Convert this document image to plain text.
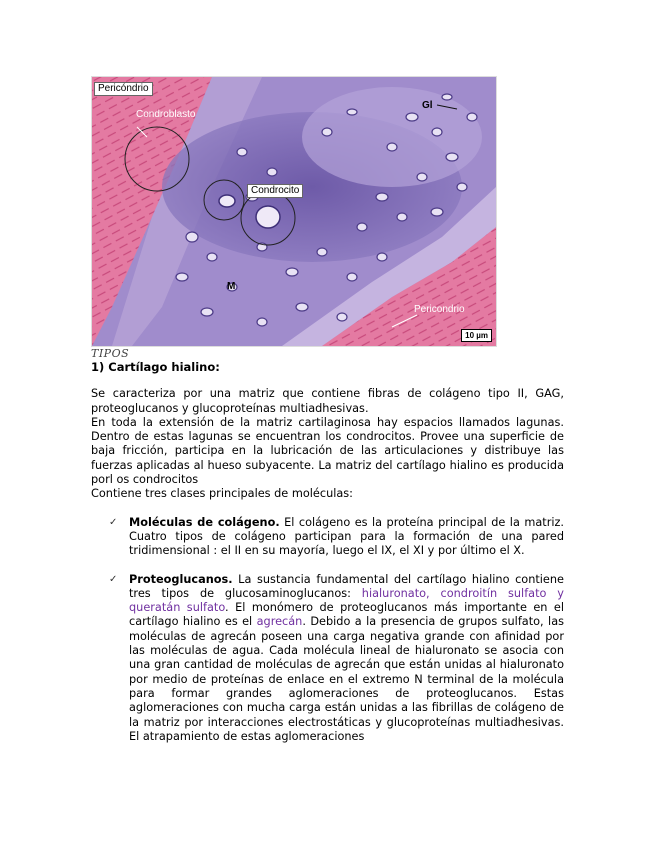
Pericóndrio
Condroblasto
Gl
Condrocito
M
Pericondrio
10 µm
TIPOS
1) Cartílago hialino:

Se caracteriza por una matriz que contiene fibras de colágeno tipo II, GAG, proteoglucanos y glucoproteínas multiadhesivas.

En toda la extensión de la matriz cartilaginosa hay espacios llamados lagunas. Dentro de estas lagunas se encuentran los condrocitos. Provee una superficie de baja fricción, participa en la lubricación de las articulaciones y distribuye las fuerzas aplicadas al hueso subyacente. La matriz del cartílago hialino es producida porl os condrocitos

Contiene tres clases principales de moléculas:

✓ Moléculas de colágeno. El colágeno es la proteína principal de la matriz. Cuatro tipos de colágeno participan para la formación de una pared tridimensional : el II en su mayoría, luego el IX, el XI y por último el X.
✓ Proteoglucanos. La sustancia fundamental del cartílago hialino contiene tres tipos de glucosaminoglucanos: hialuronato, condroitín sulfato y queratán sulfato. El monómero de proteoglucanos más importante en el cartílago hialino es el agrecán. Debido a la presencia de grupos sulfato, las moléculas de agrecán poseen una carga negativa grande con afinidad por las moléculas de agua. Cada molécula lineal de hialuronato se asocia con una gran cantidad de moléculas de agrecán que están unidas al hialuronato por medio de proteínas de enlace en el extremo N terminal de la molécula para formar grandes aglomeraciones de proteoglucanos. Estas aglomeraciones con mucha carga están unidas a las fibrillas de colágeno de la matriz por interacciones electrostáticas y glucoproteínas multiadhesivas. El atrapamiento de estas aglomeraciones
